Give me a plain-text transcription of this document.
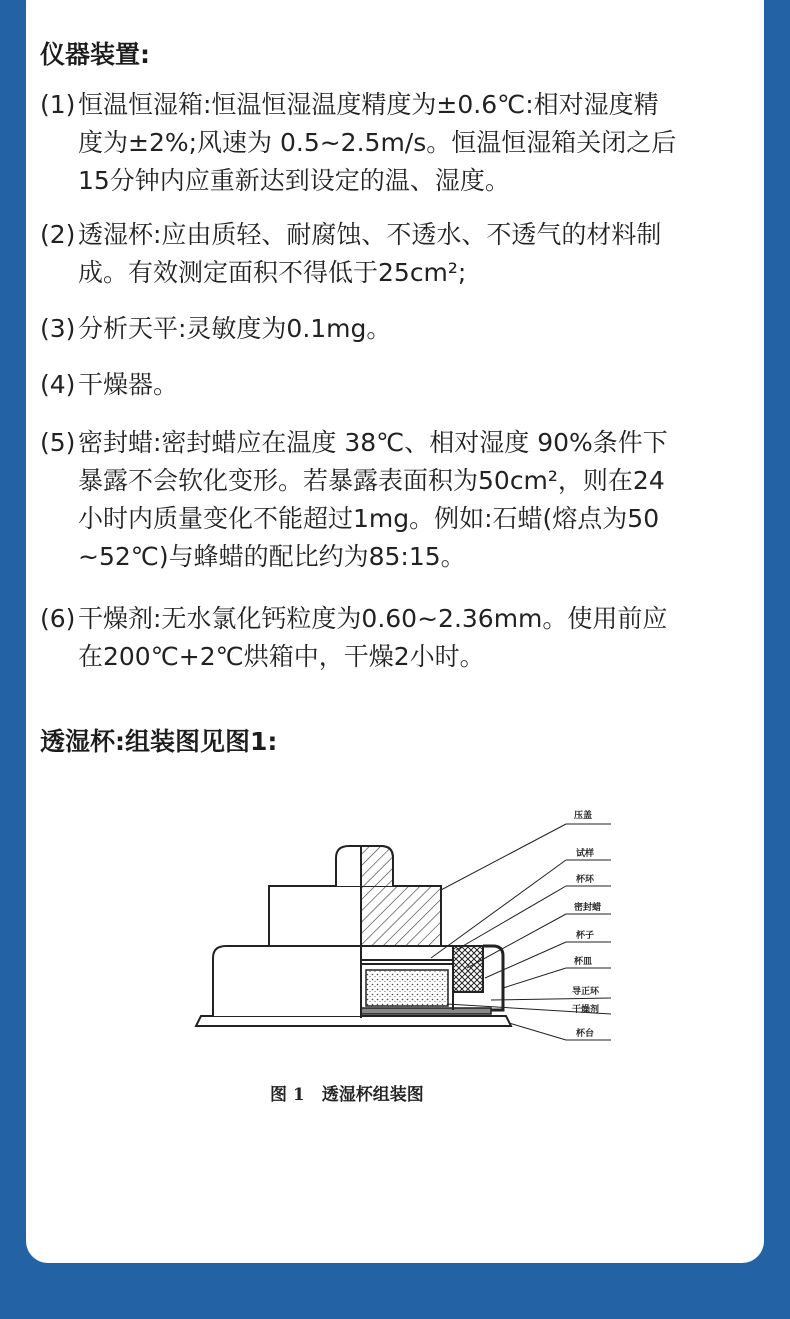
仪器装置:
(1) 恒温恒湿箱:恒温恒湿温度精度为±0.6℃:相对湿度精
度为±2%;风速为 0.5~2.5m/s。恒温恒湿箱关闭之后
15分钟内应重新达到设定的温、湿度。
(2) 透湿杯:应由质轻、耐腐蚀、不透水、不透气的材料制
成。有效测定面积不得低于25cm²;
(3) 分析天平:灵敏度为0.1mg。
(4) 干燥器。
(5) 密封蜡:密封蜡应在温度 38℃、相对湿度 90%条件下
暴露不会软化变形。若暴露表面积为50cm²，则在24
小时内质量变化不能超过1mg。例如:石蜡(熔点为50
~52℃)与蜂蜡的配比约为85:15。
(6) 干燥剂:无水氯化钙粒度为0.60~2.36mm。使用前应
在200℃+2℃烘箱中，干燥2小时。
透湿杯:组装图见图1:
压盖
试样
杯环
密封蜡
杯子
杯皿
导正环
干燥剂
杯台
图 1　透湿杯组装图
